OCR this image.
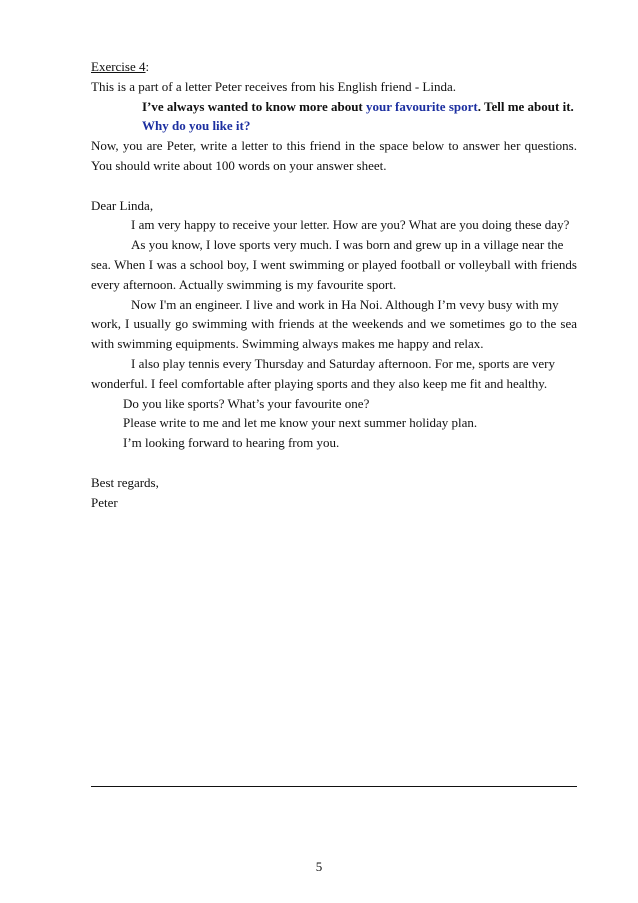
Exercise 4:

This is a part of a letter Peter receives from his English friend - Linda.

I’ve always wanted to know more about your favourite sport. Tell me about it.

Why do you like it?

Now, you are Peter, write a letter to this friend in the space below to answer her questions. You should write about 100 words on your answer sheet.

Dear Linda,

I am very happy to receive your letter. How are you? What are you doing these day?

As you know, I love sports very much. I was born and grew up in a village near the

sea. When I was a school boy, I went swimming or played football or volleyball with friends every afternoon. Actually swimming is my favourite sport.

Now I'm an engineer. I live and work in Ha Noi. Although I’m vevy busy with my

work, I usually go swimming with friends at the weekends and we sometimes go to the sea with swimming equipments. Swimming always makes me happy and relax.

I also play tennis every Thursday and Saturday afternoon. For me, sports are very

wonderful. I feel comfortable after playing sports and they also keep me fit and healthy.

Do you like sports? What’s your favourite one?

Please write to me and let me know your next summer holiday plan.

I’m looking forward to hearing from you.

Best regards,

Peter

5
